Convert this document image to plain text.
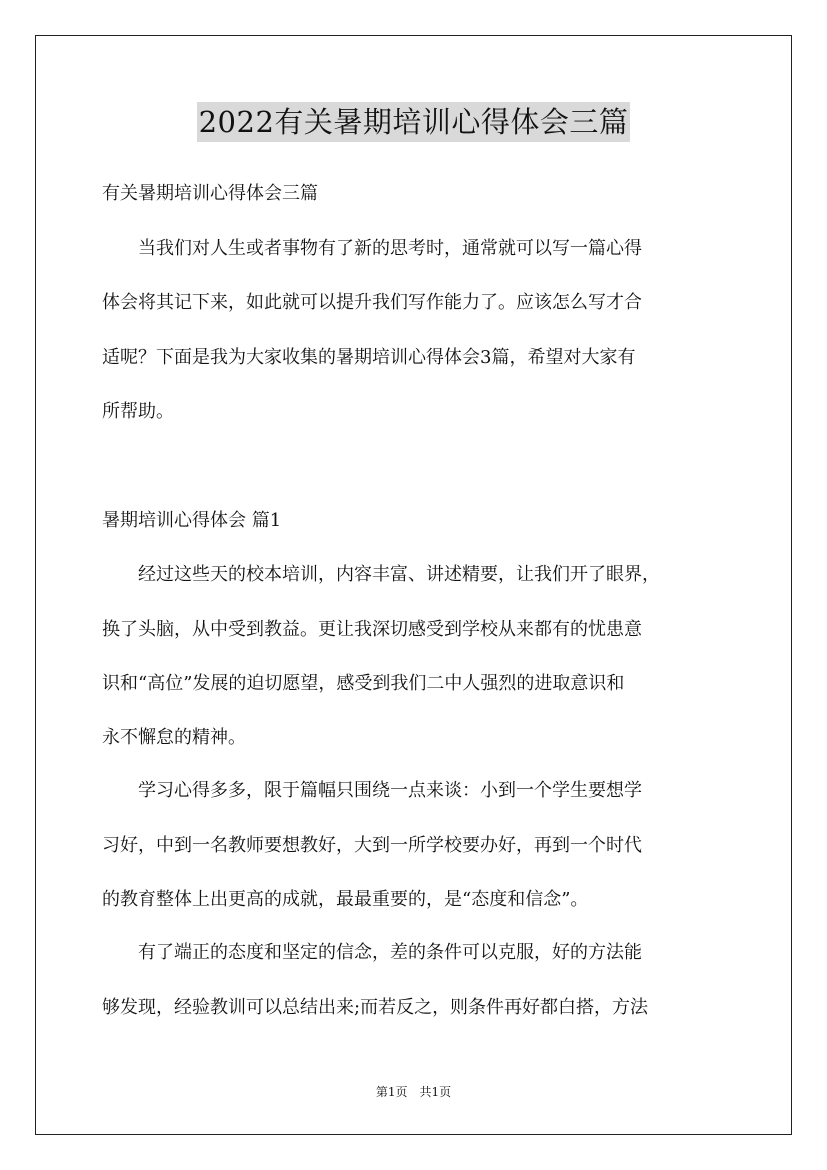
2022有关暑期培训心得体会三篇
有关暑期培训心得体会三篇
　　当我们对人生或者事物有了新的思考时，通常就可以写一篇心得
体会将其记下来，如此就可以提升我们写作能力了。应该怎么写才合
适呢？下面是我为大家收集的暑期培训心得体会3篇，希望对大家有
所帮助。
暑期培训心得体会 篇1
　　经过这些天的校本培训，内容丰富、讲述精要，让我们开了眼界，
换了头脑，从中受到教益。更让我深切感受到学校从来都有的忧患意
识和“高位”发展的迫切愿望，感受到我们二中人强烈的进取意识和
永不懈怠的精神。
　　学习心得多多，限于篇幅只围绕一点来谈：小到一个学生要想学
习好，中到一名教师要想教好，大到一所学校要办好，再到一个时代
的教育整体上出更高的成就，最最重要的，是“态度和信念”。
　　有了端正的态度和坚定的信念，差的条件可以克服，好的方法能
够发现，经验教训可以总结出来;而若反之，则条件再好都白搭，方法
第1页　共1页
